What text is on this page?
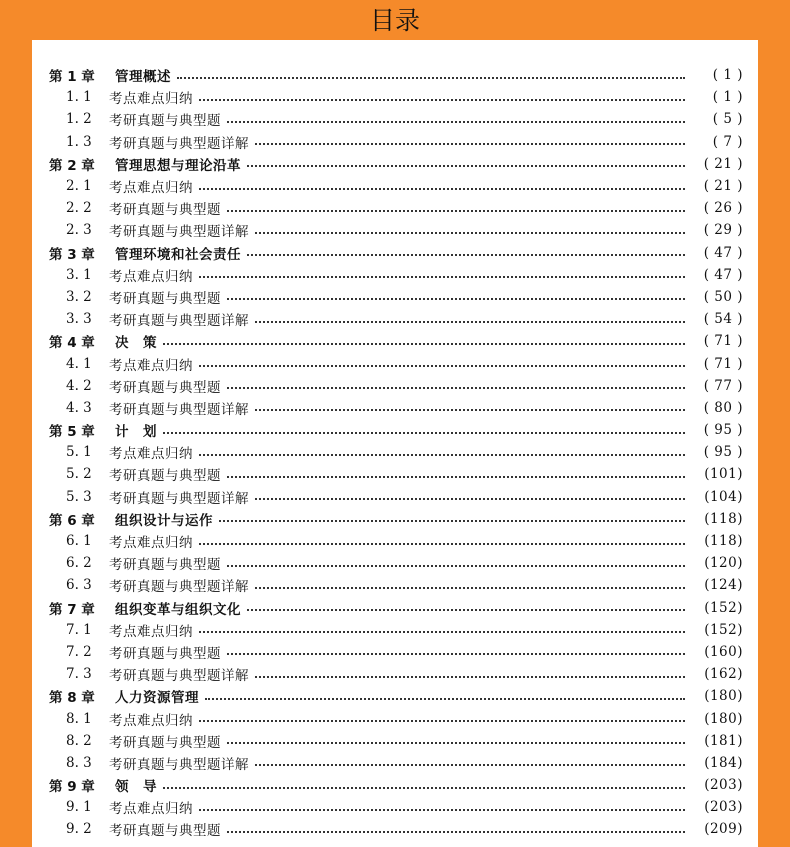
目录
第 1 章	管理概述	( 1 )
1. 1	考点难点归纳	( 1 )
1. 2	考研真题与典型题	( 5 )
1. 3	考研真题与典型题详解	( 7 )
第 2 章	管理思想与理论沿革	( 21 )
2. 1	考点难点归纳	( 21 )
2. 2	考研真题与典型题	( 26 )
2. 3	考研真题与典型题详解	( 29 )
第 3 章	管理环境和社会责任	( 47 )
3. 1	考点难点归纳	( 47 )
3. 2	考研真题与典型题	( 50 )
3. 3	考研真题与典型题详解	( 54 )
第 4 章	决　策	( 71 )
4. 1	考点难点归纳	( 71 )
4. 2	考研真题与典型题	( 77 )
4. 3	考研真题与典型题详解	( 80 )
第 5 章	计　划	( 95 )
5. 1	考点难点归纳	( 95 )
5. 2	考研真题与典型题	(101)
5. 3	考研真题与典型题详解	(104)
第 6 章	组织设计与运作	(118)
6. 1	考点难点归纳	(118)
6. 2	考研真题与典型题	(120)
6. 3	考研真题与典型题详解	(124)
第 7 章	组织变革与组织文化	(152)
7. 1	考点难点归纳	(152)
7. 2	考研真题与典型题	(160)
7. 3	考研真题与典型题详解	(162)
第 8 章	人力资源管理	(180)
8. 1	考点难点归纳	(180)
8. 2	考研真题与典型题	(181)
8. 3	考研真题与典型题详解	(184)
第 9 章	领　导	(203)
9. 1	考点难点归纳	(203)
9. 2	考研真题与典型题	(209)
